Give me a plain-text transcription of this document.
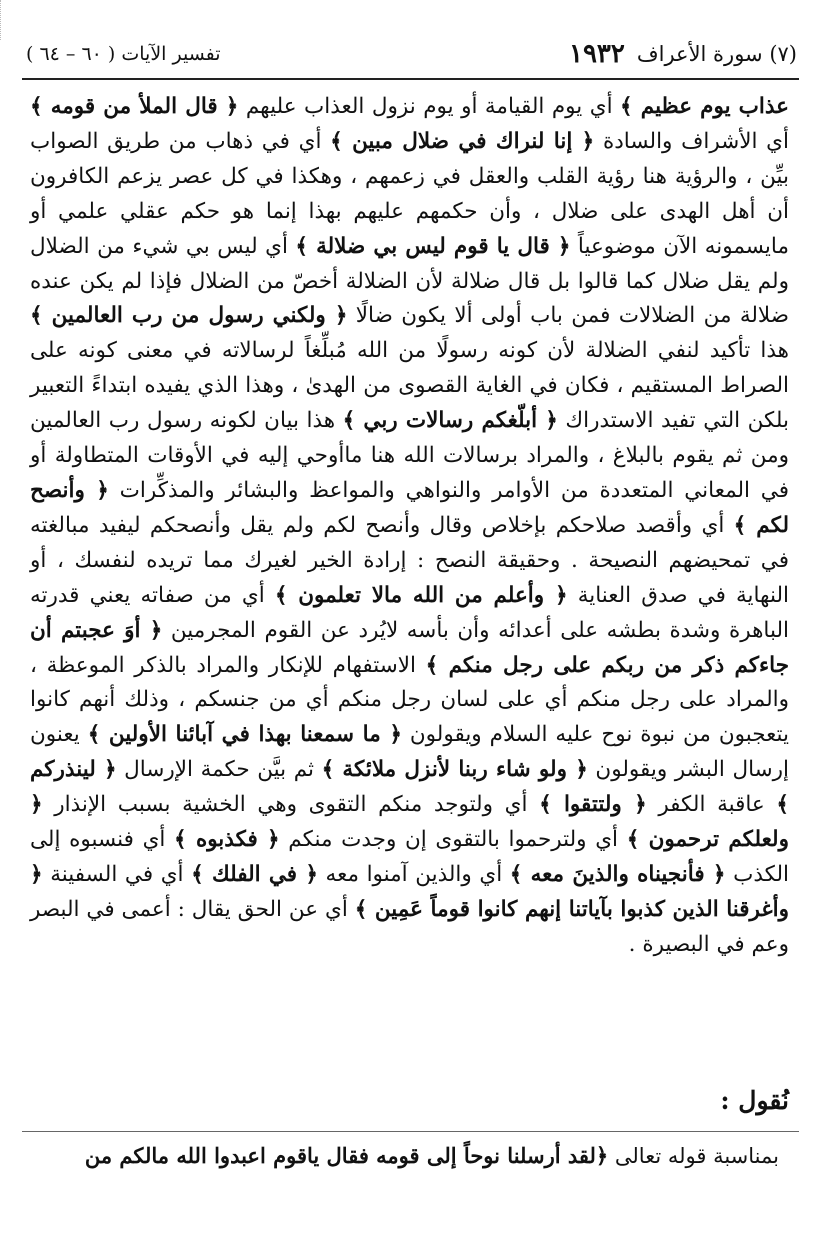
١٩٣٢ (٧) سورة الأعراف
تفسير الآيات ( ٦٠ – ٦٤ )
عذاب يوم عظيم ﴾ أي يوم القيامة أو يوم نزول العذاب عليهم ﴿ قال الملأ من قومه ﴾ أي الأشراف والسادة ﴿ إنا لنراك في ضلال مبين ﴾ أي في ذهاب من طريق الصواب بيِّن ، والرؤية هنا رؤية القلب والعقل في زعمهم ، وهكذا في كل عصر يزعم الكافرون أن أهل الهدى على ضلال ، وأن حكمهم عليهم بهذا إنما هو حكم عقلي علمي أو مايسمونه الآن موضوعياً ﴿ قال يا قوم ليس بي ضلالة ﴾ أي ليس بي شيء من الضلال ولم يقل ضلال كما قالوا بل قال ضلالة لأن الضلالة أخصّ من الضلال فإذا لم يكن عنده ضلالة من الضلالات فمن باب أولى ألا يكون ضالًا ﴿ ولكني رسول من رب العالمين ﴾ هذا تأكيد لنفي الضلالة لأن كونه رسولًا من الله مُبلِّغاً لرسالاته في معنى كونه على الصراط المستقيم ، فكان في الغاية القصوى من الهدىٰ ، وهذا الذي يفيده ابتداءً التعبير بلكن التي تفيد الاستدراك ﴿ أبلّغكم رسالات ربي ﴾ هذا بيان لكونه رسول رب العالمين ومن ثم يقوم بالبلاغ ، والمراد برسالات الله هنا ماأوحي إليه في الأوقات المتطاولة أو في المعاني المتعددة من الأوامر والنواهي والمواعظ والبشائر والمذكِّرات ﴿ وأنصح لكم ﴾ أي وأقصد صلاحكم بإخلاص وقال وأنصح لكم ولم يقل وأنصحكم ليفيد مبالغته في تمحيضهم النصيحة . وحقيقة النصح : إرادة الخير لغيرك مما تريده لنفسك ، أو النهاية في صدق العناية ﴿ وأعلم من الله مالا تعلمون ﴾ أي من صفاته يعني قدرته الباهرة وشدة بطشه على أعدائه وأن بأسه لايُرد عن القوم المجرمين ﴿ أوَ عجبتم أن جاءكم ذكر من ربكم على رجل منكم ﴾ الاستفهام للإنكار والمراد بالذكر الموعظة ، والمراد على رجل منكم أي على لسان رجل منكم أي من جنسكم ، وذلك أنهم كانوا يتعجبون من نبوة نوح عليه السلام ويقولون ﴿ ما سمعنا بهذا في آبائنا الأولين ﴾ يعنون إرسال البشر ويقولون ﴿ ولو شاء ربنا لأنزل ملائكة ﴾ ثم بيَّن حكمة الإرسال ﴿ لينذركم ﴾ عاقبة الكفر ﴿ ولتتقوا ﴾ أي ولتوجد منكم التقوى وهي الخشية بسبب الإنذار ﴿ ولعلكم ترحمون ﴾ أي ولترحموا بالتقوى إن وجدت منكم ﴿ فكذبوه ﴾ أي فنسبوه إلى الكذب ﴿ فأنجيناه والذينَ معه ﴾ أي والذين آمنوا معه ﴿ في الفلك ﴾ أي في السفينة ﴿ وأغرقنا الذين كذبوا بآياتنا إنهم كانوا قوماً عَمِين ﴾ أي عن الحق يقال : أعمى في البصر وعم في البصيرة .
نُقول :
بمناسبة قوله تعالى ﴿لقد أرسلنا نوحاً إلى قومه فقال ياقوم اعبدوا الله مالكم من
